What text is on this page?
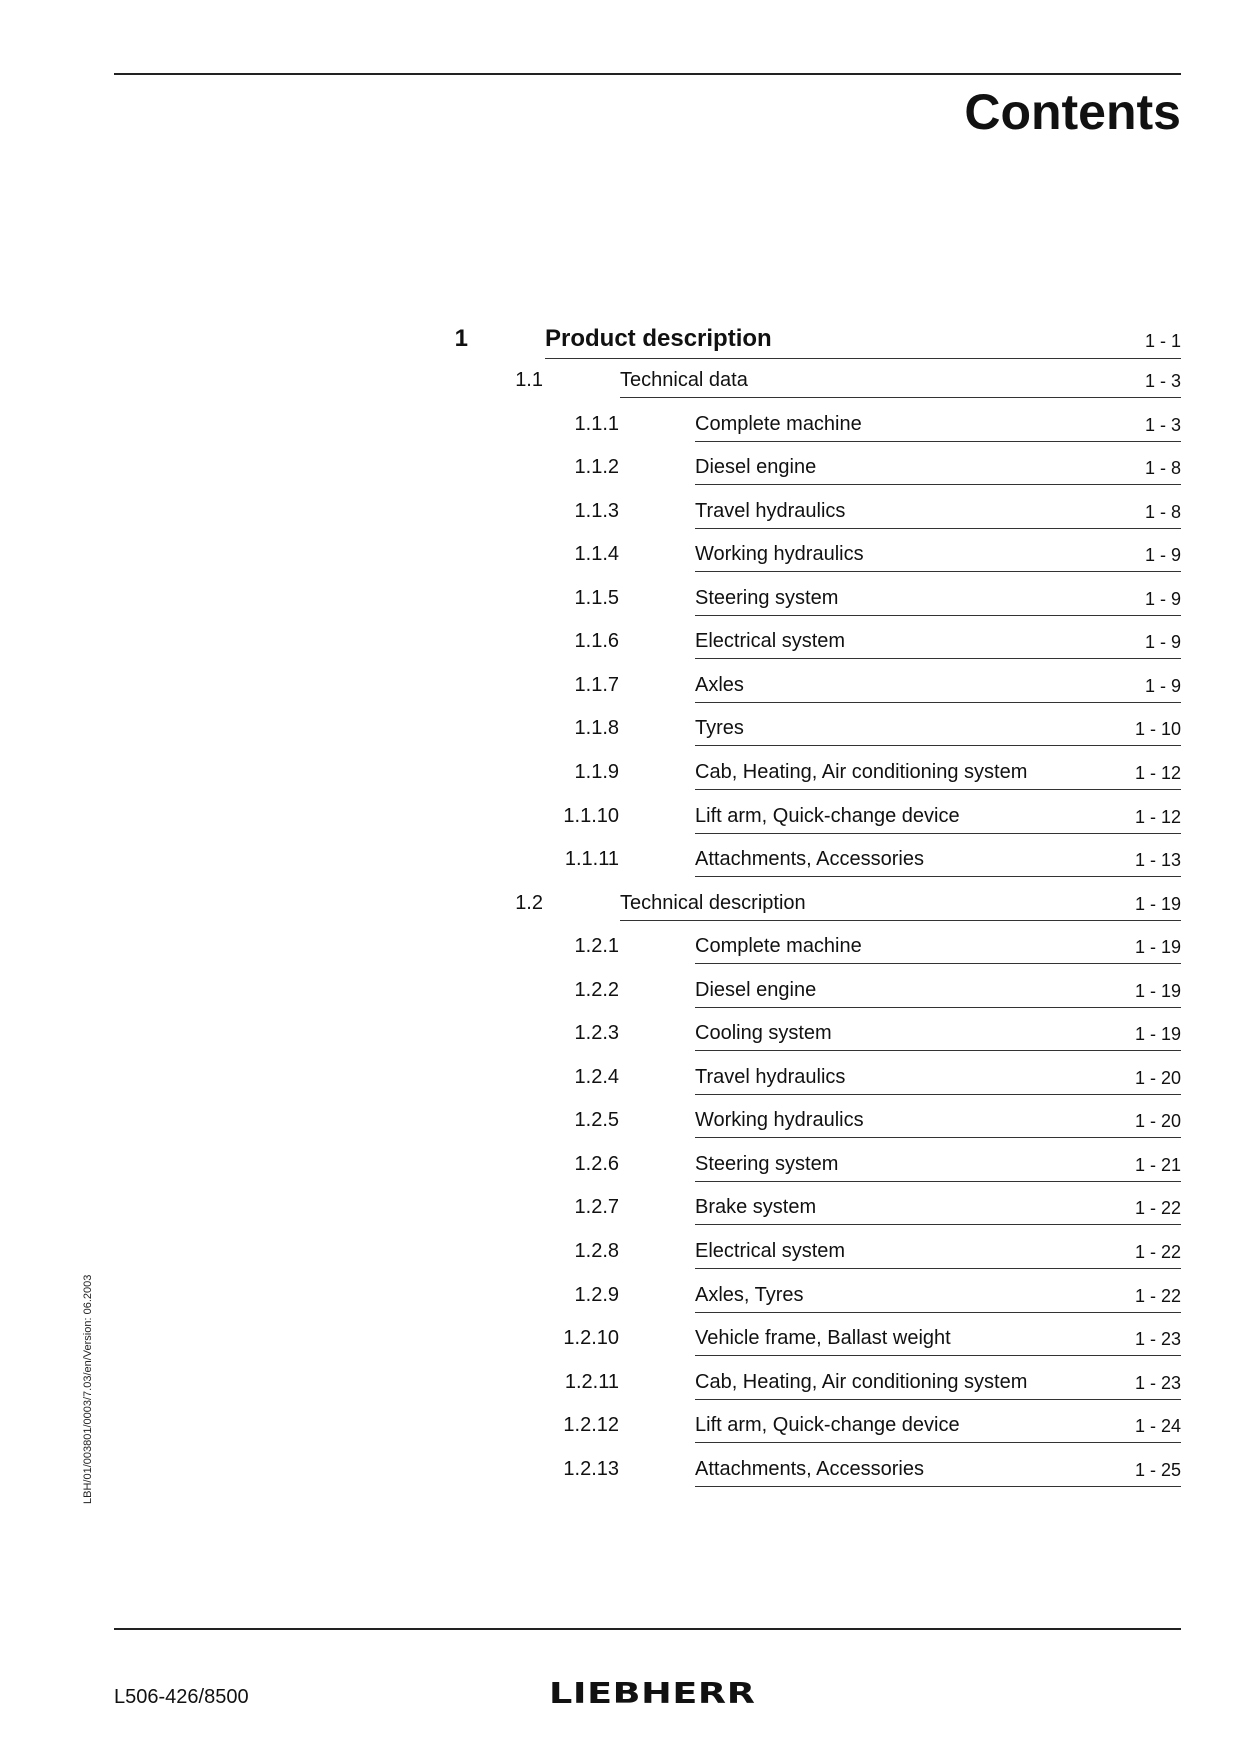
Contents
1	Product description	1 - 1
1.1	Technical data	1 - 3
1.1.1	Complete machine	1 - 3
1.1.2	Diesel engine	1 - 8
1.1.3	Travel hydraulics	1 - 8
1.1.4	Working hydraulics	1 - 9
1.1.5	Steering system	1 - 9
1.1.6	Electrical system	1 - 9
1.1.7	Axles	1 - 9
1.1.8	Tyres	1 - 10
1.1.9	Cab, Heating, Air conditioning system	1 - 12
1.1.10	Lift arm, Quick-change device	1 - 12
1.1.11	Attachments, Accessories	1 - 13
1.2	Technical description	1 - 19
1.2.1	Complete machine	1 - 19
1.2.2	Diesel engine	1 - 19
1.2.3	Cooling system	1 - 19
1.2.4	Travel hydraulics	1 - 20
1.2.5	Working hydraulics	1 - 20
1.2.6	Steering system	1 - 21
1.2.7	Brake system	1 - 22
1.2.8	Electrical system	1 - 22
1.2.9	Axles, Tyres	1 - 22
1.2.10	Vehicle frame, Ballast weight	1 - 23
1.2.11	Cab, Heating, Air conditioning system	1 - 23
1.2.12	Lift arm, Quick-change device	1 - 24
1.2.13	Attachments, Accessories	1 - 25
LBH/01/003801/0003/7.03/en/Version: 06.2003
L506-426/8500	LIEBHERR
